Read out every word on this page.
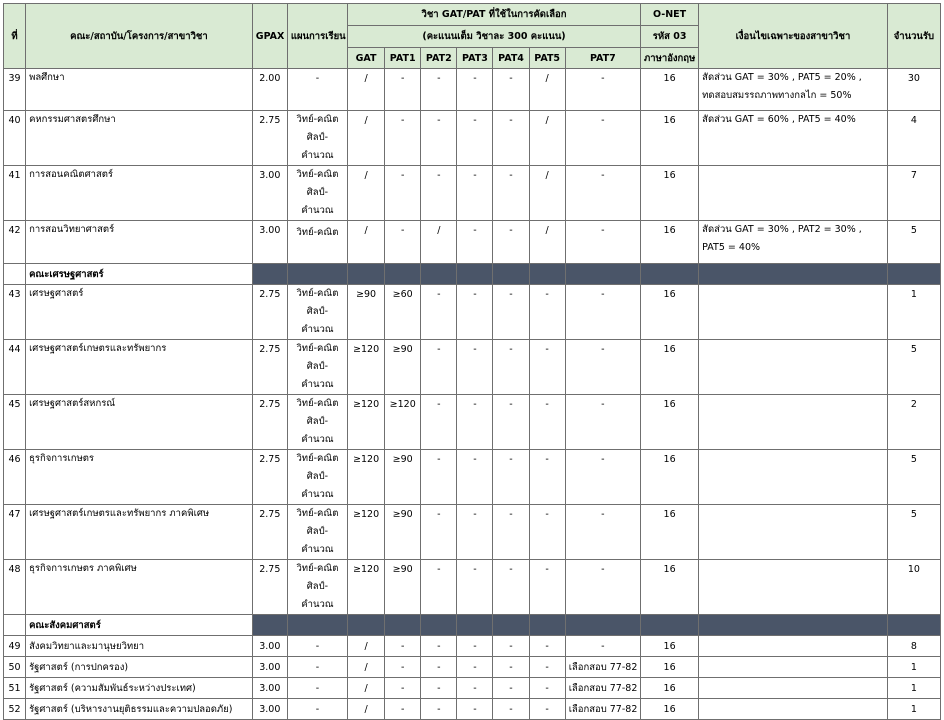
ที่	คณะ/สถาบัน/โครงการ/สาขาวิชา	GPAX	แผนการเรียน	วิชา GAT/PAT ที่ใช้ในการคัดเลือก							O-NET	เงื่อนไขเฉพาะของสาขาวิชา	จำนวนรับ
				(คะแนนเต็ม วิชาละ 300 คะแนน)							รหัส 03		
				GAT	PAT1	PAT2	PAT3	PAT4	PAT5	PAT7	ภาษาอังกฤษ		
39	พลศึกษา	2.00	-	/	-	-	-	-	/	-	16	สัดส่วน GAT = 30% , PAT5 = 20% , ทดสอบสมรรถภาพทางกลไก = 50%	30
40	คหกรรมศาสตรศึกษา	2.75	วิทย์-คณิต
ศิลป์-คำนวณ	/	-	-	-	-	/	-	16	สัดส่วน GAT = 60% , PAT5 = 40%	4
41	การสอนคณิตศาสตร์	3.00	วิทย์-คณิต
ศิลป์-คำนวณ	/	-	-	-	-	/	-	16		7
42	การสอนวิทยาศาสตร์	3.00	วิทย์-คณิต	/	-	/	-	-	/	-	16	สัดส่วน GAT = 30% , PAT2 = 30% , PAT5 = 40%	5
	คณะเศรษฐศาสตร์												
43	เศรษฐศาสตร์	2.75	วิทย์-คณิต
ศิลป์-คำนวณ	≥90	≥60	-	-	-	-	-	16		1
44	เศรษฐศาสตร์เกษตรและทรัพยากร	2.75	วิทย์-คณิต
ศิลป์-คำนวณ	≥120	≥90	-	-	-	-	-	16		5
45	เศรษฐศาสตร์สหกรณ์	2.75	วิทย์-คณิต
ศิลป์-คำนวณ	≥120	≥120	-	-	-	-	-	16		2
46	ธุรกิจการเกษตร	2.75	วิทย์-คณิต
ศิลป์-คำนวณ	≥120	≥90	-	-	-	-	-	16		5
47	เศรษฐศาสตร์เกษตรและทรัพยากร ภาคพิเศษ	2.75	วิทย์-คณิต
ศิลป์-คำนวณ	≥120	≥90	-	-	-	-	-	16		5
48	ธุรกิจการเกษตร ภาคพิเศษ	2.75	วิทย์-คณิต
ศิลป์-คำนวณ	≥120	≥90	-	-	-	-	-	16		10
	คณะสังคมศาสตร์												
49	สังคมวิทยาและมานุษยวิทยา	3.00	-	/	-	-	-	-	-	-	16		8
50	รัฐศาสตร์ (การปกครอง)	3.00	-	/	-	-	-	-	-	เลือกสอบ 77-82	16		1
51	รัฐศาสตร์ (ความสัมพันธ์ระหว่างประเทศ)	3.00	-	/	-	-	-	-	-	เลือกสอบ 77-82	16		1
52	รัฐศาสตร์ (บริหารงานยุติธรรมและความปลอดภัย)	3.00	-	/	-	-	-	-	-	เลือกสอบ 77-82	16		1
